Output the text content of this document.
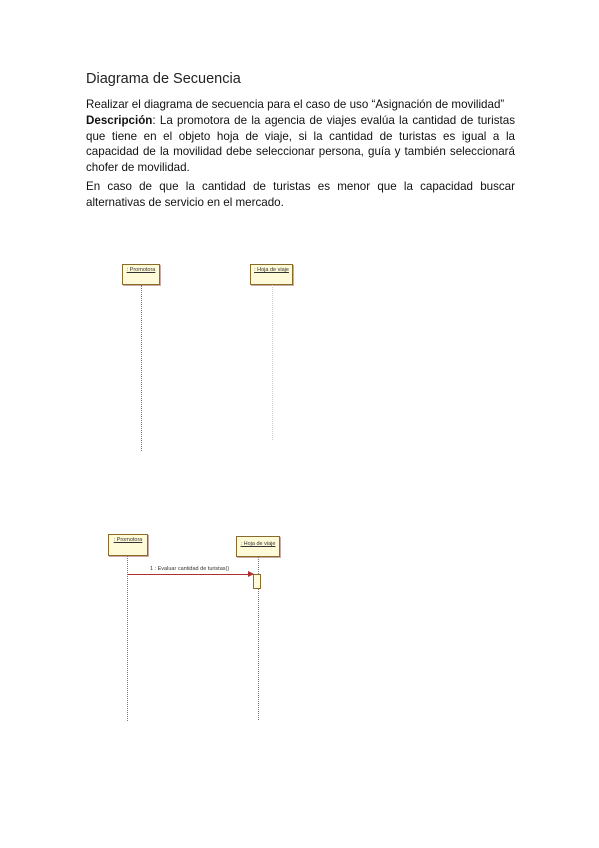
Diagrama de Secuencia
Realizar el diagrama de secuencia para el caso de uso “Asignación de movilidad”
Descripción: La promotora de la agencia de viajes evalúa la cantidad de turistas que tiene en el objeto hoja de viaje, si la cantidad de turistas es igual a la capacidad de la movilidad debe seleccionar persona, guía y también seleccionará chofer de movilidad.
En caso de que la cantidad de turistas es menor que la capacidad buscar alternativas de servicio en el mercado.
: Promotora	: Hoja de viaje
: Promotora
: Hoja de viaje
1 : Evaluar cantidad de turistas()
